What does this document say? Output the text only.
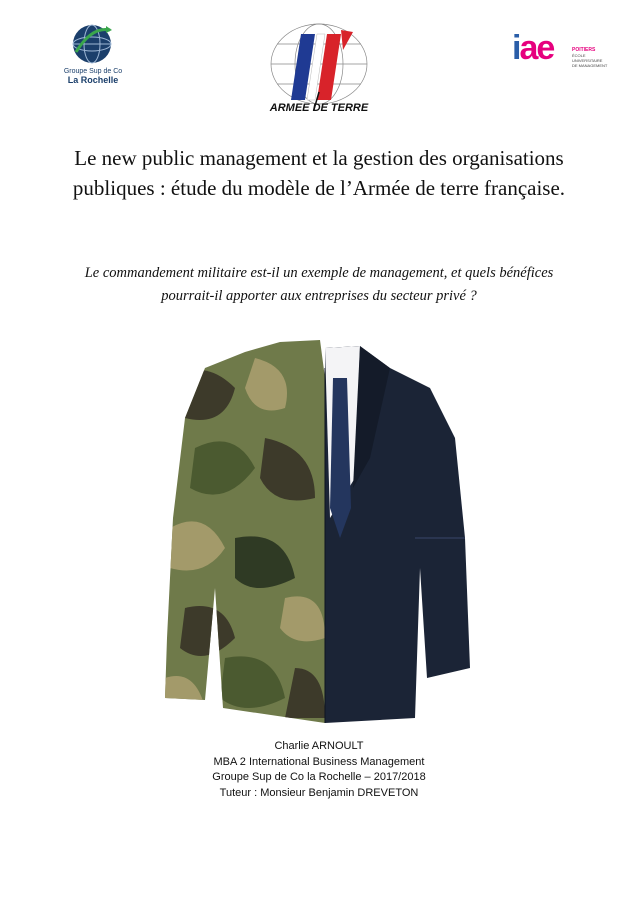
Groupe Sup de Co
La Rochelle
ARMEE DE TERRE
iae	POITIERS
ÉCOLE
UNIVERSITAIRE
DE MANAGEMENT
Le new public management et la gestion des organisations publiques : étude du modèle de l’Armée de terre française.
Le commandement militaire est-il un exemple de management, et quels bénéfices pourrait-il apporter aux entreprises du secteur privé ?
Charlie ARNOULT
MBA 2 International Business Management
Groupe Sup de Co la Rochelle – 2017/2018
Tuteur : Monsieur Benjamin DREVETON
